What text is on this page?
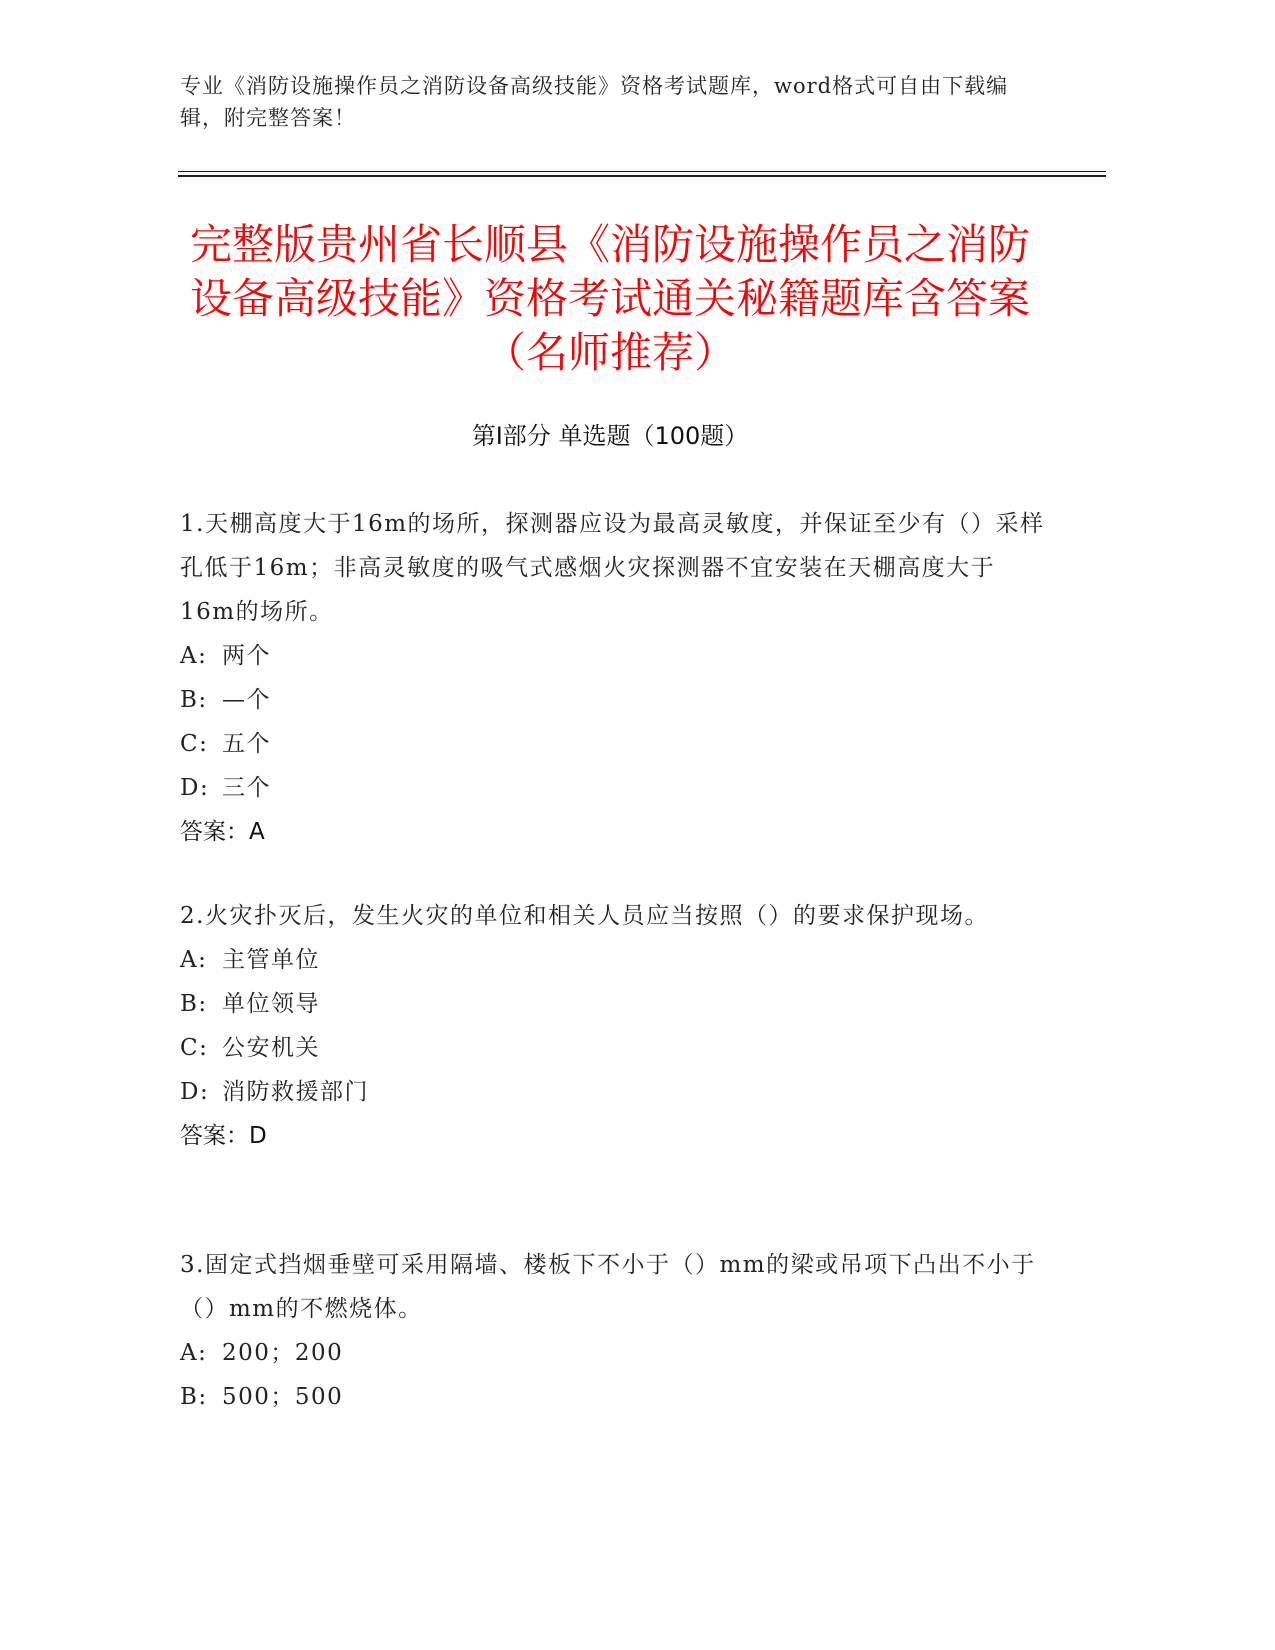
专业《消防设施操作员之消防设备高级技能》资格考试题库，word格式可自由下载编辑，附完整答案！
完整版贵州省长顺县《消防设施操作员之消防设备高级技能》资格考试通关秘籍题库含答案（名师推荐）
第Ⅰ部分 单选题（100题）
1.天棚高度大于16m的场所，探测器应设为最高灵敏度，并保证至少有（）采样孔低于16m；非高灵敏度的吸气式感烟火灾探测器不宜安装在天棚高度大于16m的场所。
A: 两个
B: —个
C: 五个
D: 三个
答案：A
2.火灾扑灭后，发生火灾的单位和相关人员应当按照（）的要求保护现场。
A: 主管单位
B: 单位领导
C: 公安机关
D: 消防救援部门
答案：D
3.固定式挡烟垂壁可采用隔墙、楼板下不小于（）mm的梁或吊项下凸出不小于（）mm的不燃烧体。
A: 200；200
B: 500；500
